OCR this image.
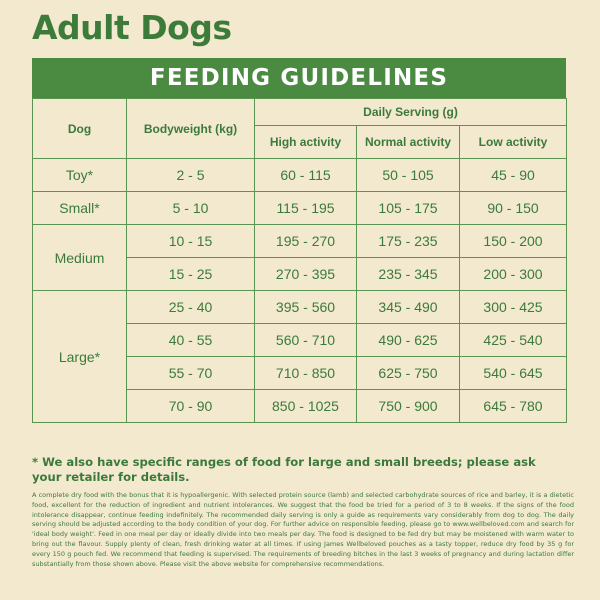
Adult Dogs
FEEDING GUIDELINES
Dog	Bodyweight (kg)	Daily Serving (g)		
		High activity	Normal activity	Low activity
Toy*	2 - 5	60 - 115	50 - 105	45 - 90
Small*	5 - 10	115 - 195	105 - 175	90 - 150
Medium	10 - 15	195 - 270	175 - 235	150 - 200
	15 - 25	270 - 395	235 - 345	200 - 300
Large*	25 - 40	395 - 560	345 - 490	300 - 425
	40 - 55	560 - 710	490 - 625	425 - 540
	55 - 70	710 - 850	625 - 750	540 - 645
	70 - 90	850 - 1025	750 - 900	645 - 780

* We also have specific ranges of food for large and small breeds; please ask your retailer for details.

A complete dry food with the bonus that it is hypoallergenic. With selected protein source (lamb) and selected carbohydrate sources of rice and barley, it is a dietetic food, excellent for the reduction of ingredient and nutrient intolerances. We suggest that the food be tried for a period of 3 to 8 weeks. If the signs of the food intolerance disappear, continue feeding indefinitely. The recommended daily serving is only a guide as requirements vary considerably from dog to dog. The daily serving should be adjusted according to the body condition of your dog. For further advice on responsible feeding, please go to www.wellbeloved.com and search for 'ideal body weight'. Feed in one meal per day or ideally divide into two meals per day. The food is designed to be fed dry but may be moistened with warm water to bring out the flavour. Supply plenty of clean, fresh drinking water at all times. If using James Wellbeloved pouches as a tasty topper, reduce dry food by 35 g for every 150 g pouch fed. We recommend that feeding is supervised. The requirements of breeding bitches in the last 3 weeks of pregnancy and during lactation differ substantially from those shown above. Please visit the above website for comprehensive recommendations.
